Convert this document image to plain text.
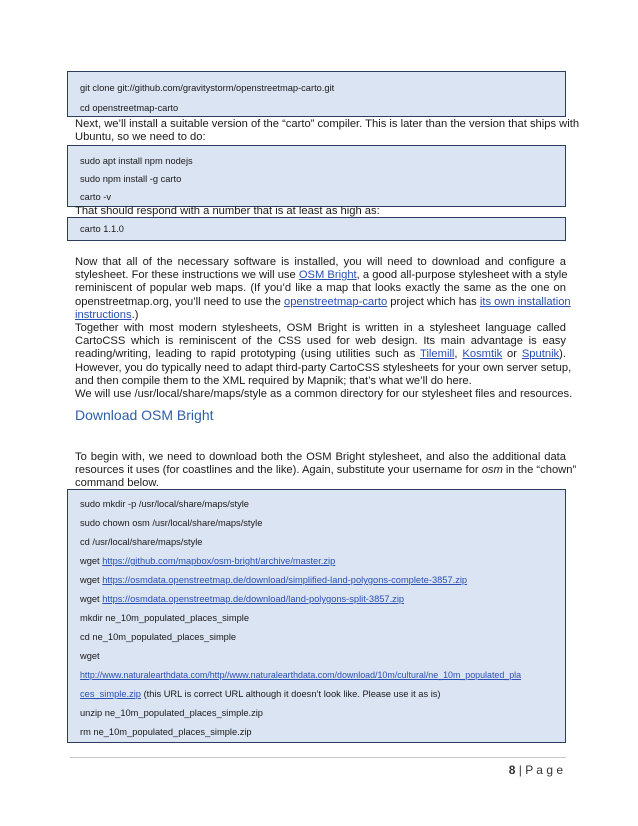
git clone git://github.com/gravitystorm/openstreetmap-carto.git
cd openstreetmap-carto

Next, we’ll install a suitable version of the “carto” compiler. This is later than the version that ships with
Ubuntu, so we need to do:

sudo apt install npm nodejs
sudo npm install -g carto
carto -v

That should respond with a number that is at least as high as:

carto 1.1.0

Now that all of the necessary software is installed, you will need to download and configure a
stylesheet. For these instructions we will use OSM Bright, a good all-purpose stylesheet with a style
reminiscent of popular web maps. (If you’d like a map that looks exactly the same as the one on
openstreetmap.org, you’ll need to use the openstreetmap-carto project which has its own installation
instructions.)
Together with most modern stylesheets, OSM Bright is written in a stylesheet language called
CartoCSS which is reminiscent of the CSS used for web design. Its main advantage is easy
reading/writing, leading to rapid prototyping (using utilities such as Tilemill, Kosmtik or Sputnik).
However, you do typically need to adapt third-party CartoCSS stylesheets for your own server setup,
and then compile them to the XML required by Mapnik; that’s what we’ll do here.
We will use /usr/local/share/maps/style as a common directory for our stylesheet files and resources.

Download OSM Bright

To begin with, we need to download both the OSM Bright stylesheet, and also the additional data
resources it uses (for coastlines and the like). Again, substitute your username for osm in the “chown”
command below.

sudo mkdir -p /usr/local/share/maps/style
sudo chown osm /usr/local/share/maps/style
cd /usr/local/share/maps/style
wget https://github.com/mapbox/osm-bright/archive/master.zip
wget https://osmdata.openstreetmap.de/download/simplified-land-polygons-complete-3857.zip
wget https://osmdata.openstreetmap.de/download/land-polygons-split-3857.zip
mkdir ne_10m_populated_places_simple
cd ne_10m_populated_places_simple
wget
http://www.naturalearthdata.com/http//www.naturalearthdata.com/download/10m/cultural/ne_10m_populated_pla
ces_simple.zip (this URL is correct URL although it doesn’t look like. Please use it as is)
unzip ne_10m_populated_places_simple.zip
rm ne_10m_populated_places_simple.zip
8 | P a g e
